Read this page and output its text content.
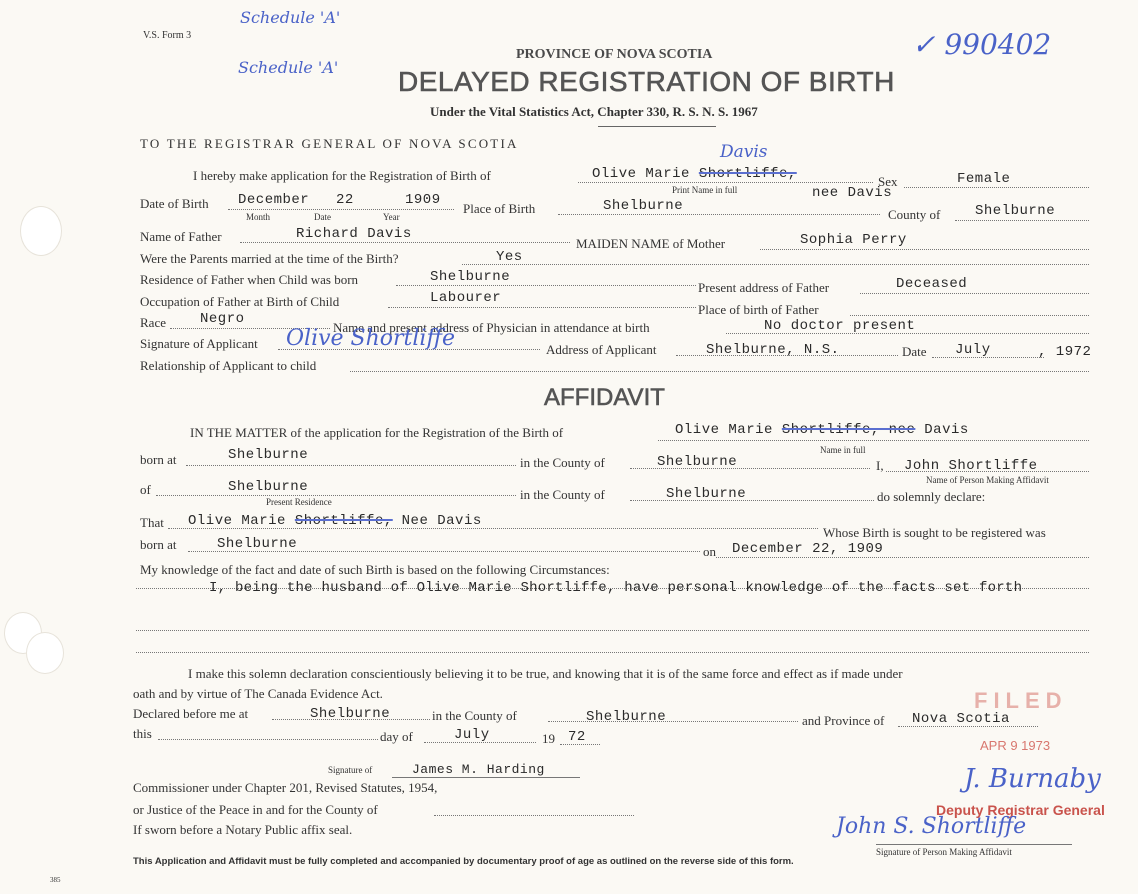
V.S. Form 3
Schedule 'A'
Schedule 'A'
✓ 990402
PROVINCE OF NOVA SCOTIA
DELAYED REGISTRATION OF BIRTH
Under the Vital Statistics Act, Chapter 330, R. S. N. S. 1967
TO THE REGISTRAR GENERAL OF NOVA SCOTIA
I hereby make application for the Registration of Birth of	Olive Marie Shortliffe,
Davis
Sex	Female
Print Name in full	nee Davis
Date of Birth December 22	1909
Month	Date	Year
Place of Birth	Shelburne
County of Shelburne
Name of Father	Richard Davis
MAIDEN NAME of Mother	Sophia Perry
Were the Parents married at the time of the Birth?	Yes
Residence of Father when Child was born	Shelburne
Present address of Father	Deceased
Occupation of Father at Birth of Child	Labourer
Place of birth of Father
Race Negro
Name and present address of Physician in attendance at birth	No doctor present
Signature of Applicant Olive Shortliffe	Address of Applicant	Shelburne, N.S.	Date July	, 1972
Relationship of Applicant to child
AFFIDAVIT
IN THE MATTER of the application for the Registration of the Birth of	Olive Marie Shortliffe, nee Davis
Name in full
born at	Shelburne	in the County of	Shelburne	I, John Shortliffe
Name of Person Making Affidavit
of	Shelburne
Present Residence	in the County of	Shelburne	do solemnly declare:
That Olive Marie Shortliffe, Nee Davis
Whose Birth is sought to be registered was
born at	Shelburne	on December 22, 1909
My knowledge of the fact and date of such Birth is based on the following Circumstances:
I, being the husband of Olive Marie Shortliffe, have personal knowledge of the facts set forth
I make this solemn declaration conscientiously believing it to be true, and knowing that it is of the same force and effect as if made under
oath and by virtue of The Canada Evidence Act.
Declared before me at	Shelburne	in the County of	Shelburne	and Province of Nova Scotia
this	day of	July	19 72
Signature of	James M. Harding
Commissioner under Chapter 201, Revised Statutes, 1954,
or Justice of the Peace in and for the County of
If sworn before a Notary Public affix seal.
FILED
APR 9 1973
J. Burnaby
Deputy Registrar General
John S. Shortliffe
Signature of Person Making Affidavit
This Application and Affidavit must be fully completed and accompanied by documentary proof of age as outlined on the reverse side of this form.
385
